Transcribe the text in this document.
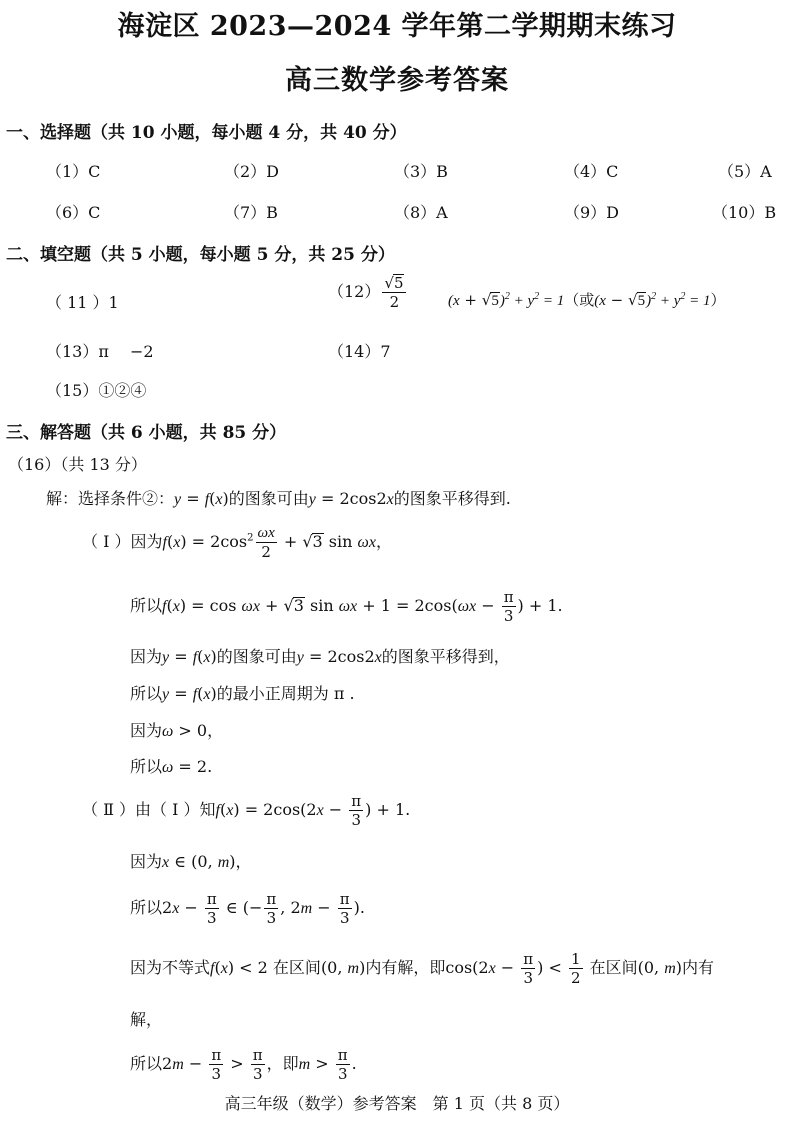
海淀区 2023—2024 学年第二学期期末练习
高三数学参考答案
一、选择题（共 10 小题，每小题 4 分，共 40 分）
（1）C	（2）D	（3）B	（4）C	（5）A
（6）C	（7）B	（8）A	（9）D	（10）B
二、填空题（共 5 小题，每小题 5 分，共 25 分）
（ 11 ）1
$(12) \frac{√5}{2}$	$(x + √5)^2 + y^2 = 1$（或$(x - √5)^2 + y^2 = 1$）
（13）π　 −2	（14）7
（15）①②④
三、解答题（共 6 小题，共 85 分）
（16）（共 13 分）
解：选择条件②：y = f(x)的图象可由y = 2cos2x的图象平移得到.
（ Ⅰ ）因为$f(x) = 2\cos^2 \frac{\omega x}{2} + √3$ sin ωx，
所以f(x) = cos ωx + √3 $\sin \omega x + 1 = 2\cos(\omega x - \frac{\pi}{3}$ ) + 1.
因为y = f(x)的图象可由y = 2cos2x的图象平移得到，
所以y = f(x)的最小正周期为 π .
因为ω > 0，
所以ω = 2.
（ Ⅱ ）由（ Ⅰ ）知$f(x) = 2\cos(2x - \frac{\pi}{3}$ ) + 1.
因为x ∈ (0, m)，
所以$2x - \frac{\pi}{3}$ ∈ (− $\frac{\pi}{3}$ , $2m - \frac{\pi}{3}$ ).
因为不等式f(x) < 2 在区间(0, m)内有解，即$\cos(2x - \frac{\pi}{3}$ ) < $\frac{1}{2}$ 在区间(0, m)内有
解，
所以$2m - \frac{\pi}{3} > \frac{\pi}{3}$ ，即$m > \frac{\pi}{3}$ .
高三年级（数学）参考答案　第 1 页（共 8 页）
